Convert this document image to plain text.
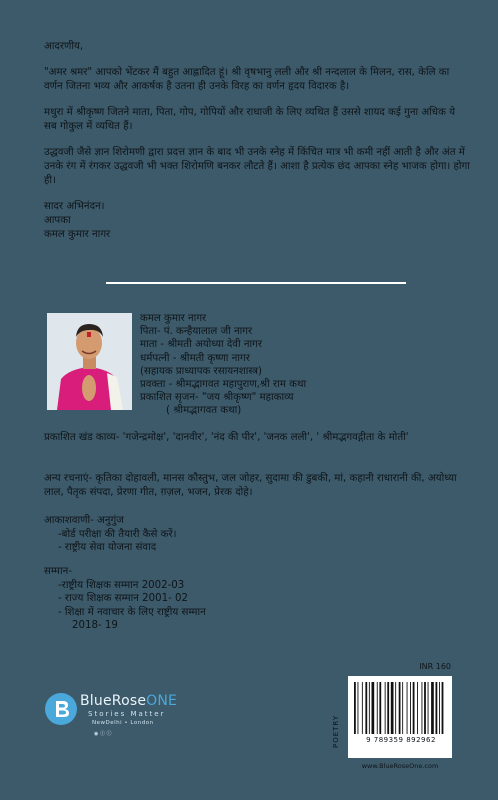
आदरणीय,

"अमर श्रमर" आपको भेंटकर मैं बहुत आह्लादित हूं। श्री वृषभानु लली और श्री नन्दलाल के मिलन, रास, केलि का वर्णन जितना भव्य और आकर्षक है उतना ही उनके विरह का वर्णन हृदय विदारक है।

मथुरा में श्रीकृष्ण जितने माता, पिता, गोप, गोपियों और राधाजी के लिए व्यथित हैं उससे शायद कई गुना अधिक ये सब गोकुल में व्यथित हैं।

उद्धवजी जैसे ज्ञान शिरोमणी द्वारा प्रदत्त ज्ञान के बाद भी उनके स्नेह में किंचित मात्र भी कमी नहीं आती है और अंत में उनके रंग में रंगकर उद्धवजी भी भक्त शिरोमणि बनकर लौटते हैं। आशा है प्रत्येक छंद आपका स्नेह भाजक होगा। होगा ही।

सादर अभिनंदन।

आपका

कमल कुमार नागर

कमल कुमार नागर

पिता- पं. कन्हैयालाल जी नागर

माता - श्रीमती अयोध्या देवी नागर

धर्मपत्नी - श्रीमती कृष्णा नागर

(सहायक प्राध्यापक रसायनशास्त्र)

प्रवक्ता - श्रीमद्भागवत महापुराण,श्री राम कथा

प्रकाशित सृजन- "जय श्रीकृष्ण" महाकाव्य

( श्रीमद्भागवत कथा)

प्रकाशित खंड काव्य- 'गजेन्द्रमोक्ष', 'दानवीर', 'नंद की पीर', 'जनक लली', ' श्रीमद्भगवद्गीता के मोती'

अन्य रचनाएं- कृतिका दोहावली, मानस कौस्तुभ, जल जोहर, सुदामा की डुबकी, मां, कहानी राधारानी की, अयोध्या लाल, पैतृक संपदा, प्रेरणा गीत, ग़ज़ल, भजन, प्रेरक दोहे।

आकाशवाणी- अनुगुंज

-बोर्ड परीक्षा की तैयारी कैसे करें।

- राष्ट्रीय सेवा योजना संवाद

सम्मान-

-राष्ट्रीय शिक्षक सम्मान 2002-03

- राज्य शिक्षक सम्मान 2001- 02

- शिक्षा में नवाचार के लिए राष्ट्रीय सम्मान

2018- 19

BlueRoseONE
Stories Matter
NewDelhi • London
◉ ⓕ ⓣ
INR 160
POETRY	9 789359 892962
www.BlueRoseOne.com
